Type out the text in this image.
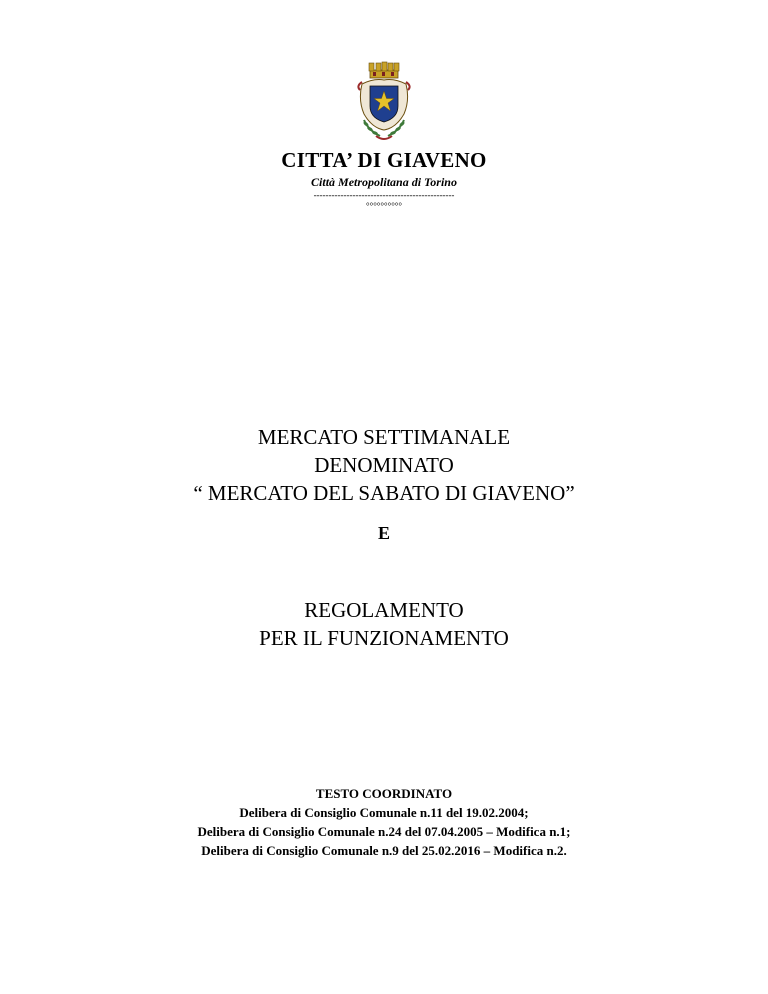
CITTA’ DI GIAVENO
Città Metropolitana di Torino
-----------------------------------------------
°°°°°°°°°°
MERCATO SETTIMANALE
DENOMINATO
“ MERCATO DEL SABATO DI GIAVENO”
E
REGOLAMENTO
PER IL FUNZIONAMENTO
TESTO COORDINATO
Delibera di Consiglio Comunale n.11 del 19.02.2004;
Delibera di Consiglio Comunale n.24 del 07.04.2005 – Modifica n.1;
Delibera di Consiglio Comunale n.9 del 25.02.2016 – Modifica n.2.
